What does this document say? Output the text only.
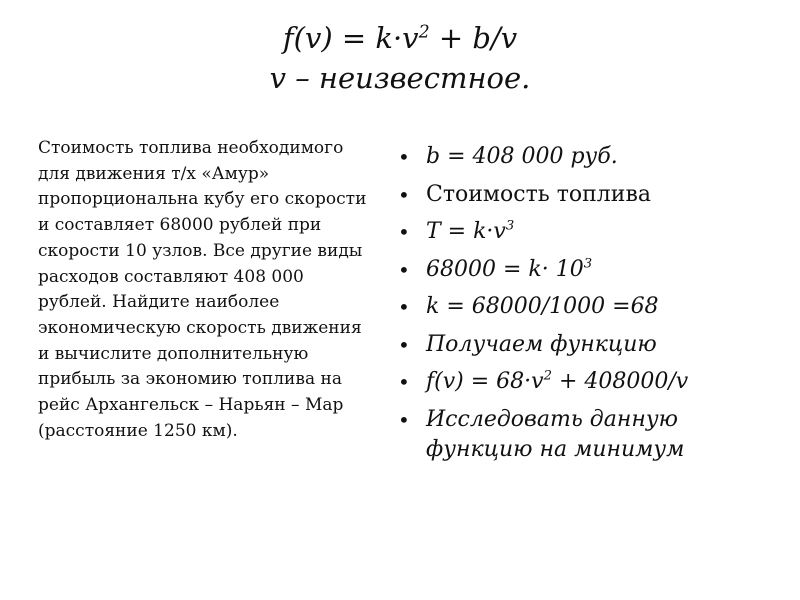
$f(v) = k\cdot v^2 + b/v$
v – неизвестное.
Стоимость топлива необходимого для движения т/х «Амур» пропорциональна кубу его скорости и составляет 68000 рублей при скорости 10 узлов. Все другие виды расходов составляют 408 000 рублей. Найдите наиболее экономическую скорость движения и вычислите дополнительную прибыль за экономию топлива на рейс Архангельск – Нарьян – Мар (расстояние 1250 км).
• b = 408 000 руб.
• Стоимость топлива
• $T = k\cdot v^3$
• $68000 = k\cdot 10^3$
• k = 68000/1000 =68
• Получаем функцию
• $f(v) = 68\cdot v^2 + 408000/v$
• Исследовать данную функцию на минимум
